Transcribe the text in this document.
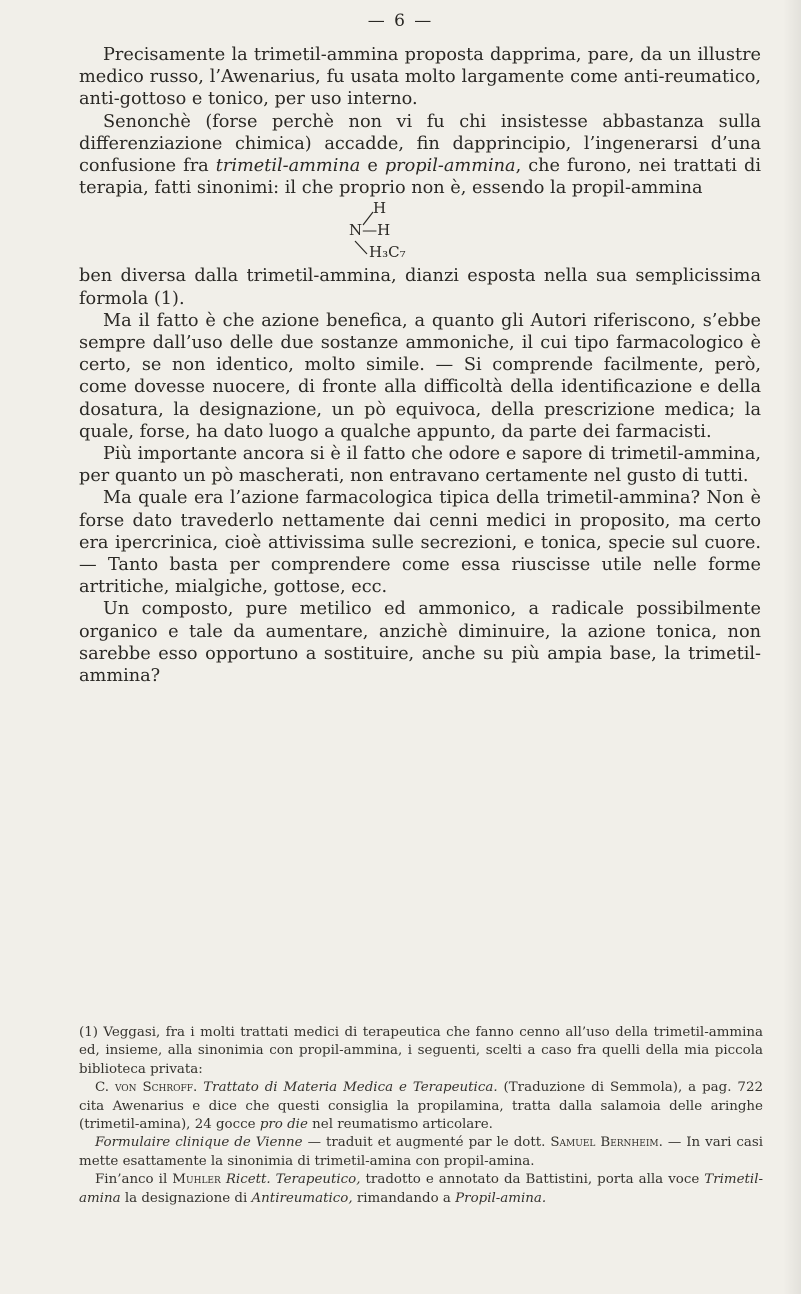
— 6 —

Precisamente la trimetil-ammina proposta dapprima, pare, da un illustre medico russo, l’Awenarius, fu usata molto largamente come anti-reumatico, anti-gottoso e tonico, per uso interno.

Senonchè (forse perchè non vi fu chi insistesse abbastanza sulla differenziazione chimica) accadde, fin dapprincipio, l’ingenerarsi d’una confusione fra trimetil-ammina e propil-ammina, che furono, nei trattati di terapia, fatti sinonimi: il che proprio non è, essendo la propil-ammina

H
N—H
H₃C₇

ben diversa dalla trimetil-ammina, dianzi esposta nella sua semplicissima formola (1).

Ma il fatto è che azione benefica, a quanto gli Autori riferiscono, s’ebbe sempre dall’uso delle due sostanze ammoniche, il cui tipo farmacologico è certo, se non identico, molto simile. — Si comprende facilmente, però, come dovesse nuocere, di fronte alla difficoltà della identificazione e della dosatura, la designazione, un pò equivoca, della prescrizione medica; la quale, forse, ha dato luogo a qualche appunto, da parte dei farmacisti.

Più importante ancora si è il fatto che odore e sapore di trimetil-ammina, per quanto un pò mascherati, non entravano certamente nel gusto di tutti.

Ma quale era l’azione farmacologica tipica della trimetil-ammina? Non è forse dato travederlo nettamente dai cenni medici in proposito, ma certo era ipercrinica, cioè attivissima sulle secrezioni, e tonica, specie sul cuore. — Tanto basta per comprendere come essa riuscisse utile nelle forme artritiche, mialgiche, gottose, ecc.

Un composto, pure metilico ed ammonico, a radicale possibilmente organico e tale da aumentare, anzichè diminuire, la azione tonica, non sarebbe esso opportuno a sostituire, anche su più ampia base, la trimetil-ammina?

(1) Veggasi, fra i molti trattati medici di terapeutica che fanno cenno all’uso della trimetil-ammina ed, insieme, alla sinonimia con propil-ammina, i seguenti, scelti a caso fra quelli della mia piccola biblioteca privata:

C. von Schroff. Trattato di Materia Medica e Terapeutica. (Traduzione di Semmola), a pag. 722 cita Awenarius e dice che questi consiglia la propilamina, tratta dalla salamoia delle aringhe (trimetil-amina), 24 gocce pro die nel reumatismo articolare.

Formulaire clinique de Vienne — traduit et augmenté par le dott. Samuel Bernheim. — In vari casi mette esattamente la sinonimia di trimetil-amina con propil-amina.

Fin’anco il Muhler Ricett. Terapeutico, tradotto e annotato da Battistini, porta alla voce Trimetil-amina la designazione di Antireumatico, rimandando a Propil-amina.
